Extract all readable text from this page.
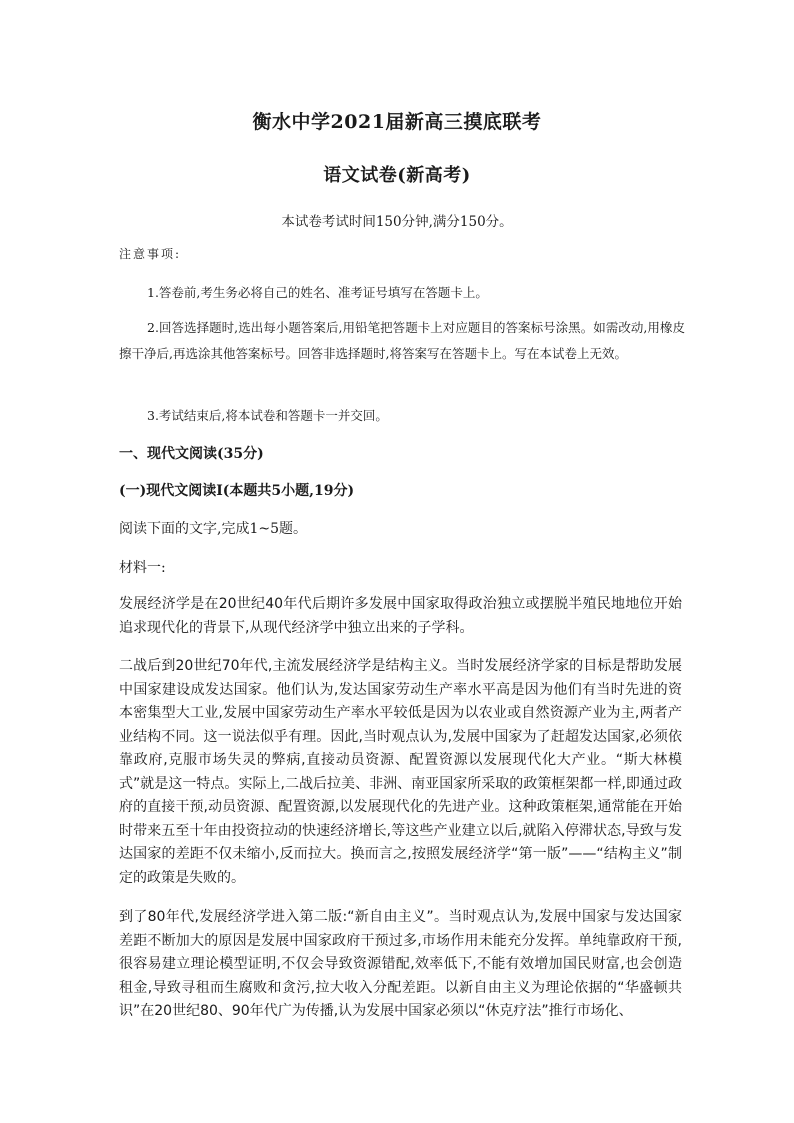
衡水中学2021届新高三摸底联考
语文试卷(新高考)
本试卷考试时间150分钟,满分150分。
注意事项:
1.答卷前,考生务必将自己的姓名、准考证号填写在答题卡上。
2.回答选择题时,选出每小题答案后,用铅笔把答题卡上对应题目的答案标号涂黑。如需改动,用橡皮擦干净后,再选涂其他答案标号。回答非选择题时,将答案写在答题卡上。写在本试卷上无效。
3.考试结束后,将本试卷和答题卡一并交回。
一、现代文阅读(35分)
(一)现代文阅读Ⅰ(本题共5小题,19分)
阅读下面的文字,完成1~5题。
材料一:
发展经济学是在20世纪40年代后期许多发展中国家取得政治独立或摆脱半殖民地地位开始追求现代化的背景下,从现代经济学中独立出来的子学科。
二战后到20世纪70年代,主流发展经济学是结构主义。当时发展经济学家的目标是帮助发展中国家建设成发达国家。他们认为,发达国家劳动生产率水平高是因为他们有当时先进的资本密集型大工业,发展中国家劳动生产率水平较低是因为以农业或自然资源产业为主,两者产业结构不同。这一说法似乎有理。因此,当时观点认为,发展中国家为了赶超发达国家,必须依靠政府,克服市场失灵的弊病,直接动员资源、配置资源以发展现代化大产业。“斯大林模式”就是这一特点。实际上,二战后拉美、非洲、南亚国家所采取的政策框架都一样,即通过政府的直接干预,动员资源、配置资源,以发展现代化的先进产业。这种政策框架,通常能在开始时带来五至十年由投资拉动的快速经济增长,等这些产业建立以后,就陷入停滞状态,导致与发达国家的差距不仅未缩小,反而拉大。换而言之,按照发展经济学“第一版”——“结构主义”制定的政策是失败的。
到了80年代,发展经济学进入第二版:“新自由主义”。当时观点认为,发展中国家与发达国家差距不断加大的原因是发展中国家政府干预过多,市场作用未能充分发挥。单纯靠政府干预,很容易建立理论模型证明,不仅会导致资源错配,效率低下,不能有效增加国民财富,也会创造租金,导致寻租而生腐败和贪污,拉大收入分配差距。以新自由主义为理论依据的“华盛顿共识”在20世纪80、90年代广为传播,认为发展中国家必须以“休克疗法”推行市场化、
